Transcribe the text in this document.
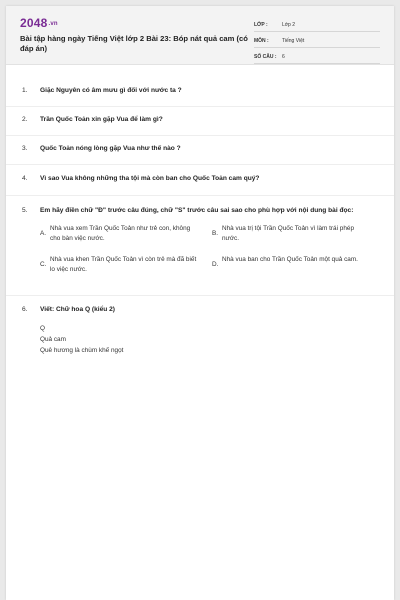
2048.vn
Bài tập hàng ngày Tiếng Việt lớp 2 Bài 23: Bóp nát quả cam (có đáp án)
LỚP :	Lớp 2
MÔN :	Tiếng Việt
SỐ CÂU :	6
1.	Giặc Nguyên có âm mưu gì đối với nước ta ?
2.	Trần Quốc Toản xin gặp Vua để làm gì?
3.	Quốc Toản nóng lòng gặp Vua như thế nào ?
4.	Vì sao Vua không những tha tội mà còn ban cho Quốc Toản cam quý?
5.	Em hãy điền chữ "Đ" trước câu đúng, chữ "S" trước câu sai sao cho phù hợp với nội dung bài đọc:
A.
Nhà vua xem Trần Quốc Toản như trẻ con, không cho bàn việc nước.
B.
Nhà vua trị tội Trần Quốc Toản vì làm trái phép nước.
C.
Nhà vua khen Trần Quốc Toản vì còn trẻ mà đã biết lo việc nước.
D.
Nhà vua ban cho Trần Quốc Toản một quả cam.
6.	Viết: Chữ hoa Q (kiểu 2)
Q
Quả cam
Quê hương là chùm khế ngọt
